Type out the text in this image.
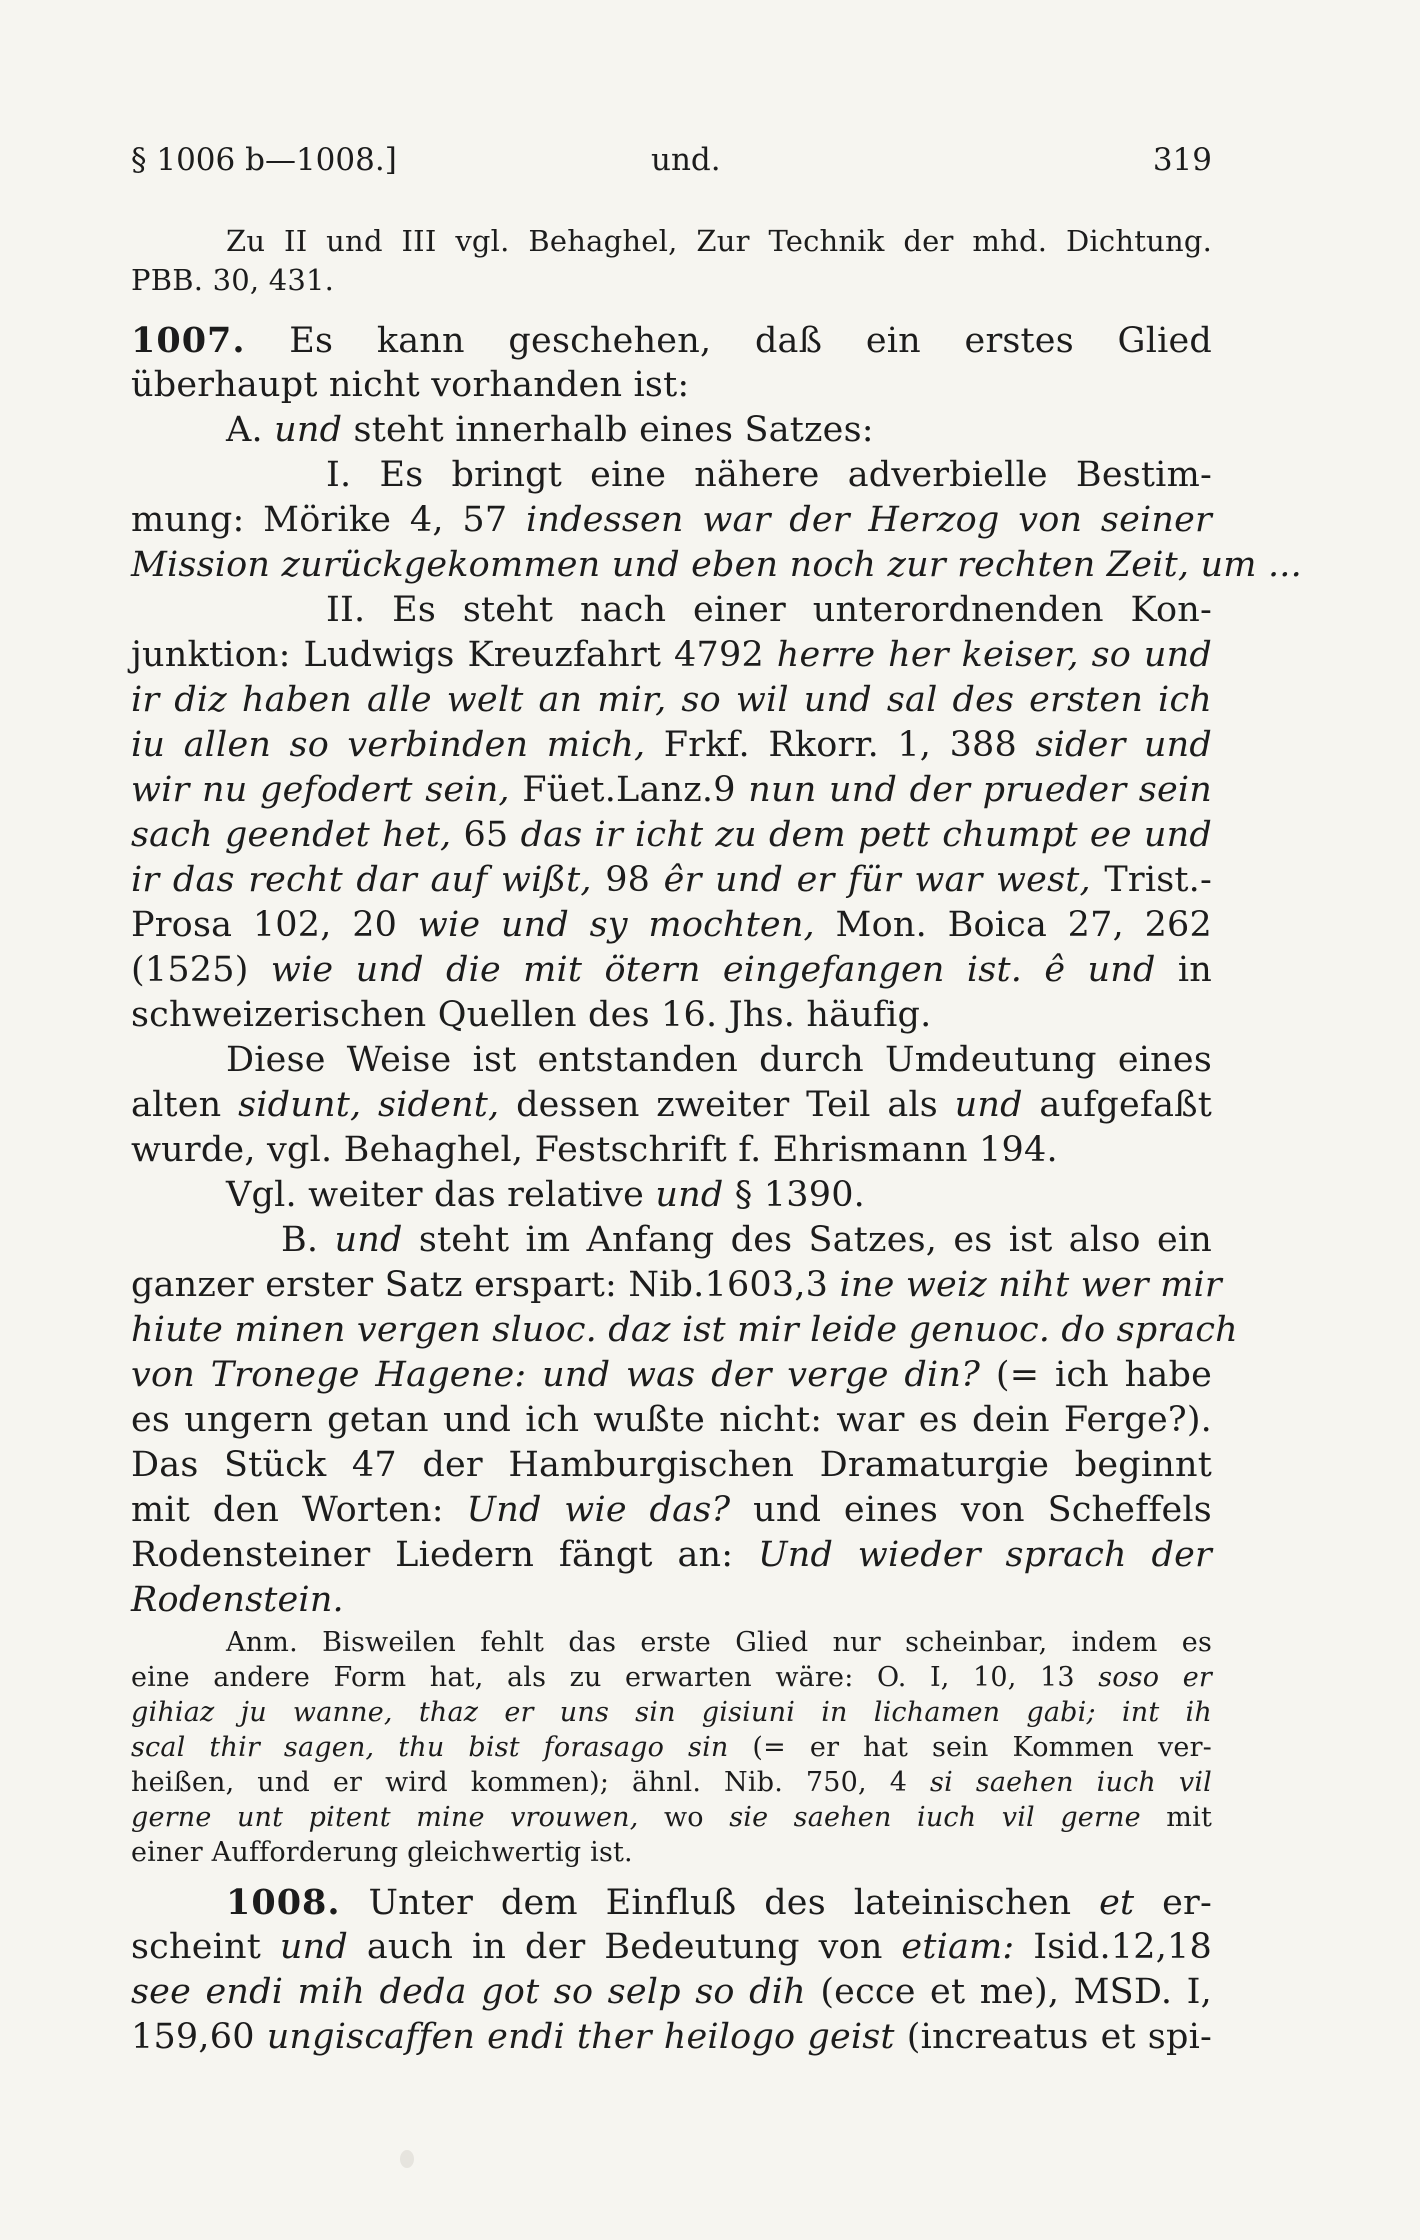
§ 1006 b—1008.]	und.	319
Zu II und III vgl. Behaghel, Zur Technik der mhd. Dichtung.
PBB. 30, 431.
1007. Es kann geschehen, daß ein erstes Glied
überhaupt nicht vorhanden ist:
A. und steht innerhalb eines Satzes:
I. Es bringt eine nähere adverbielle Bestim-
mung: Mörike 4, 57 indessen war der Herzog von seiner
Mission zurückgekommen und eben noch zur rechten Zeit, um ...
II. Es steht nach einer unterordnenden Kon-
junktion: Ludwigs Kreuzfahrt 4792 herre her keiser, so und
ir diz haben alle welt an mir, so wil und sal des ersten ich
iu allen so verbinden mich, Frkf. Rkorr. 1, 388 sider und
wir nu gefodert sein, Füet.Lanz.9 nun und der prueder sein
sach geendet het, 65 das ir icht zu dem pett chumpt ee und
ir das recht dar auf wißt, 98 êr und er für war west, Trist.-
Prosa 102, 20 wie und sy mochten, Mon. Boica 27, 262
(1525) wie und die mit ötern eingefangen ist. ê und in
schweizerischen Quellen des 16. Jhs. häufig.
Diese Weise ist entstanden durch Umdeutung eines
alten sidunt, sident, dessen zweiter Teil als und aufgefaßt
wurde, vgl. Behaghel, Festschrift f. Ehrismann 194.
Vgl. weiter das relative und § 1390.
B. und steht im Anfang des Satzes, es ist also ein
ganzer erster Satz erspart: Nib.1603,3 ine weiz niht wer mir
hiute minen vergen sluoc. daz ist mir leide genuoc. do sprach
von Tronege Hagene: und was der verge din? (= ich habe
es ungern getan und ich wußte nicht: war es dein Ferge?).
Das Stück 47 der Hamburgischen Dramaturgie beginnt
mit den Worten: Und wie das? und eines von Scheffels
Rodensteiner Liedern fängt an: Und wieder sprach der
Rodenstein.
Anm. Bisweilen fehlt das erste Glied nur scheinbar, indem es
eine andere Form hat, als zu erwarten wäre: O. I, 10, 13 soso er
gihiaz ju wanne, thaz er uns sin gisiuni in lichamen gabi; int ih
scal thir sagen, thu bist forasago sin (= er hat sein Kommen ver-
heißen, und er wird kommen); ähnl. Nib. 750, 4 si saehen iuch vil
gerne unt pitent mine vrouwen, wo sie saehen iuch vil gerne mit
einer Aufforderung gleichwertig ist.
1008. Unter dem Einfluß des lateinischen et er-
scheint und auch in der Bedeutung von etiam: Isid.12,18
see endi mih deda got so selp so dih (ecce et me), MSD. I,
159,60 ungiscaffen endi ther heilogo geist (increatus et spi-
